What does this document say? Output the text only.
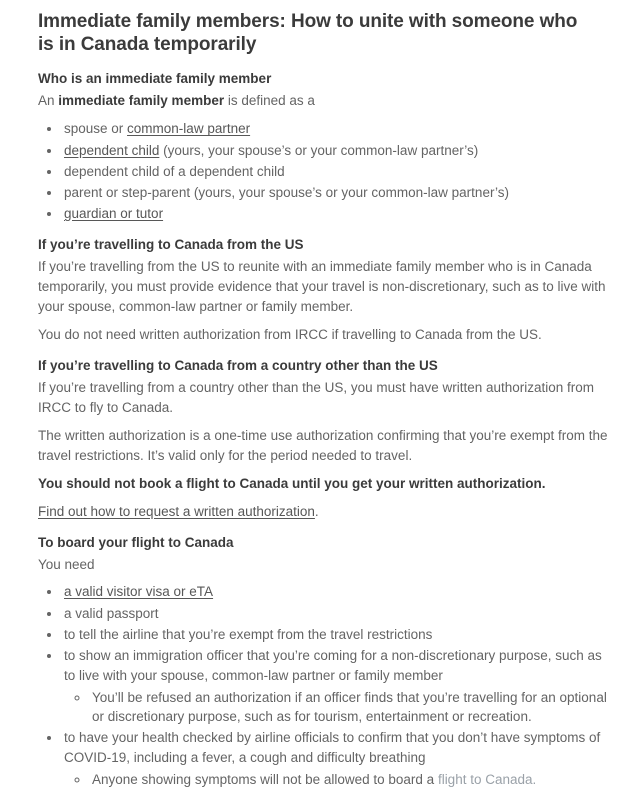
Immediate family members: How to unite with someone who is in Canada temporarily
Who is an immediate family member

An immediate family member is defined as a

• spouse or common-law partner
• dependent child (yours, your spouse’s or your common-law partner’s)
• dependent child of a dependent child
• parent or step-parent (yours, your spouse’s or your common-law partner’s)
• guardian or tutor
If you’re travelling to Canada from the US

If you’re travelling from the US to reunite with an immediate family member who is in Canada temporarily, you must provide evidence that your travel is non-discretionary, such as to live with your spouse, common-law partner or family member.

You do not need written authorization from IRCC if travelling to Canada from the US.

If you’re travelling to Canada from a country other than the US

If you’re travelling from a country other than the US, you must have written authorization from IRCC to fly to Canada.

The written authorization is a one-time use authorization confirming that you’re exempt from the travel restrictions. It’s valid only for the period needed to travel.

You should not book a flight to Canada until you get your written authorization.

Find out how to request a written authorization.

To board your flight to Canada

You need

• a valid visitor visa or eTA
• a valid passport
• to tell the airline that you’re exempt from the travel restrictions
• to show an immigration officer that you’re coming for a non-discretionary purpose, such as to live with your spouse, common-law partner or family member
◦ You’ll be refused an authorization if an officer finds that you’re travelling for an optional or discretionary purpose, such as for tourism, entertainment or recreation.
• to have your health checked by airline officials to confirm that you don’t have symptoms of COVID-19, including a fever, a cough and difficulty breathing
◦ Anyone showing symptoms will not be allowed to board a flight to Canada.
